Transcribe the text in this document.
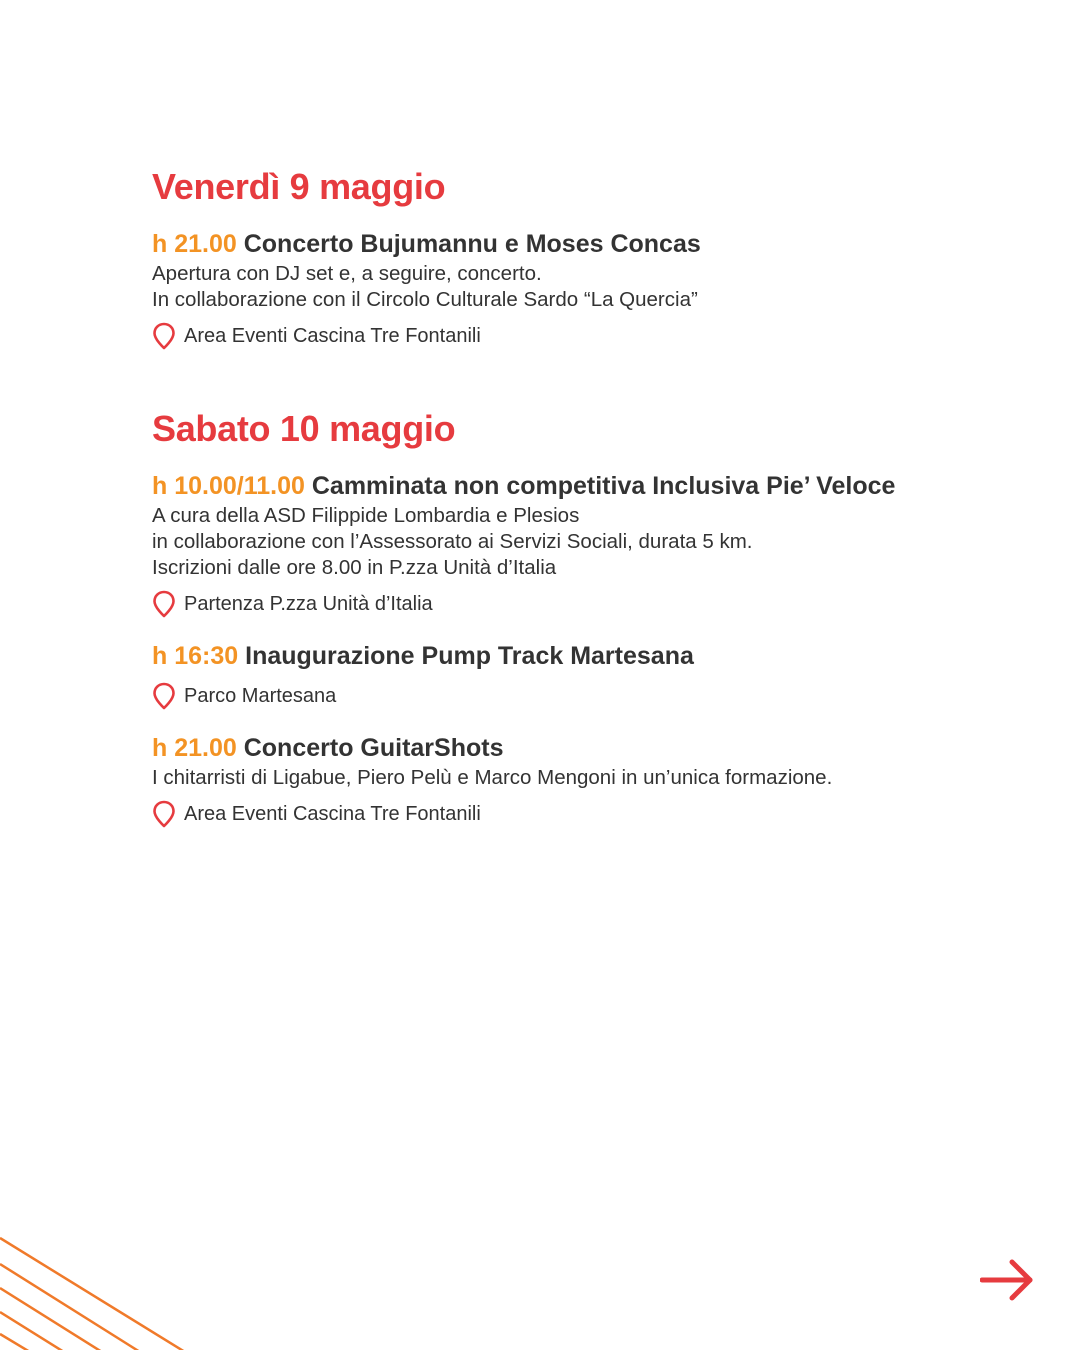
Venerdì 9 maggio
h 21.00 Concerto Bujumannu e Moses Concas
Apertura con DJ set e, a seguire, concerto.
In collaborazione con il Circolo Culturale Sardo “La Quercia”
Area Eventi Cascina Tre Fontanili
Sabato 10 maggio
h 10.00/11.00 Camminata non competitiva Inclusiva Pie’ Veloce
A cura della ASD Filippide Lombardia e Plesios
in collaborazione con l’Assessorato ai Servizi Sociali, durata 5 km.
Iscrizioni dalle ore 8.00 in P.zza Unità d’Italia
Partenza P.zza Unità d’Italia
h 16:30 Inaugurazione Pump Track Martesana
Parco Martesana
h 21.00 Concerto GuitarShots
I chitarristi di Ligabue, Piero Pelù e Marco Mengoni in un’unica formazione.
Area Eventi Cascina Tre Fontanili
